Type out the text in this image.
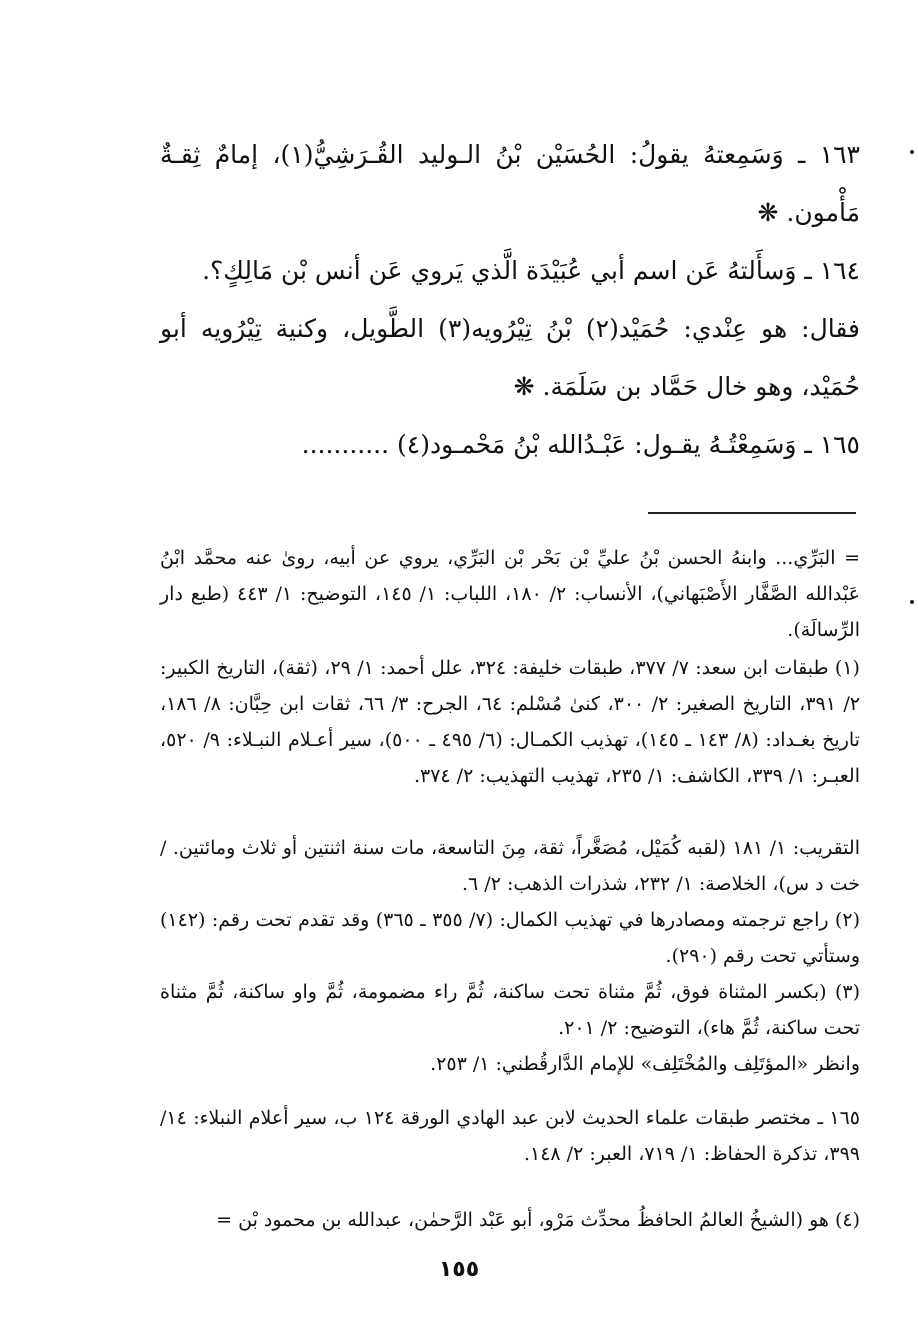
١٦٣ ـ وَسَمِعتهُ يقولُ: الحُسَيْن بْنُ الـوليد القُـرَشِيُّ(١)، إمامٌ ثِقـةٌ مَأْمون. ❋
١٦٤ ـ وَسأَلتهُ عَن اسم أبي عُبَيْدَة الَّذي يَروي عَن أنس بْن مَالِكٍ؟.
فقال: هو عِنْدي: حُمَيْد(٢) بْنُ تِيْرُويه(٣) الطَّويل، وكنية تِيْرُويه أبو حُمَيْد، وهو خال حَمَّاد بن سَلَمَة. ❋
١٦٥ ـ وَسَمِعْتُـهُ يقـول: عَبْـدُالله بْنُ مَحْمـود(٤) ...........
= البَرِّي... وابنهُ الحسن بْنُ عليِّ بْن بَحْر بْن البَرِّي، يروي عن أبيه، روىٰ عنه محمَّد ابْنُ عَبْدالله الصَّفَّار الأَصْبَهاني)، الأنساب: ٢/ ١٨٠، اللباب: ١/ ١٤٥، التوضيح: ١/ ٤٤٣ (طبع دار الرِّسالَة).
(١) طبقات ابن سعد: ٧/ ٣٧٧، طبقات خليفة: ٣٢٤، علل أحمد: ١/ ٢٩، (ثقة)، التاريخ الكبير: ٢/ ٣٩١، التاريخ الصغير: ٢/ ٣٠٠، كنىٰ مُسْلم: ٦٤، الجرح: ٣/ ٦٦، ثقات ابن حِبَّان: ٨/ ١٨٦، تاريخ بغـداد: (٨/ ١٤٣ ـ ١٤٥)، تهذيب الكمـال: (٦/ ٤٩٥ ـ ٥٠٠)، سير أعـلام النبـلاء: ٩/ ٥٢٠، العبـر: ١/ ٣٣٩، الكاشف: ١/ ٢٣٥، تهذيب التهذيب: ٢/ ٣٧٤.
التقريب: ١/ ١٨١ (لقبه كُمَيْل، مُصَغَّراً، ثقة، مِنَ التاسعة، مات سنة اثنتين أو ثلاث ومائتين. / خت د س)، الخلاصة: ١/ ٢٣٢، شذرات الذهب: ٢/ ٦.
(٢) راجع ترجمته ومصادرها في تهذيب الكمال: (٧/ ٣٥٥ ـ ٣٦٥) وقد تقدم تحت رقم: (١٤٢) وستأتي تحت رقم (٢٩٠).
(٣) (بكسر المثناة فوق، ثُمَّ مثناة تحت ساكنة، ثُمَّ راء مضمومة، ثُمَّ واو ساكنة، ثُمَّ مثناة تحت ساكنة، ثُمَّ هاء)، التوضيح: ٢/ ٢٠١.
وانظر «المؤتَلِف والمُخْتَلِف» للإمام الدَّارقُطني: ١/ ٢٥٣.
١٦٥ ـ مختصر طبقات علماء الحديث لابن عبد الهادي الورقة ١٢٤ ب، سير أعلام النبلاء: ١٤/ ٣٩٩، تذكرة الحفاظ: ١/ ٧١٩، العبر: ٢/ ١٤٨.
(٤) هو (الشيخُ العالمُ الحافظُ محدِّث مَرْو، أبو عَبْد الرَّحمٰن، عبدالله بن محمود بْن =
١٥٥
